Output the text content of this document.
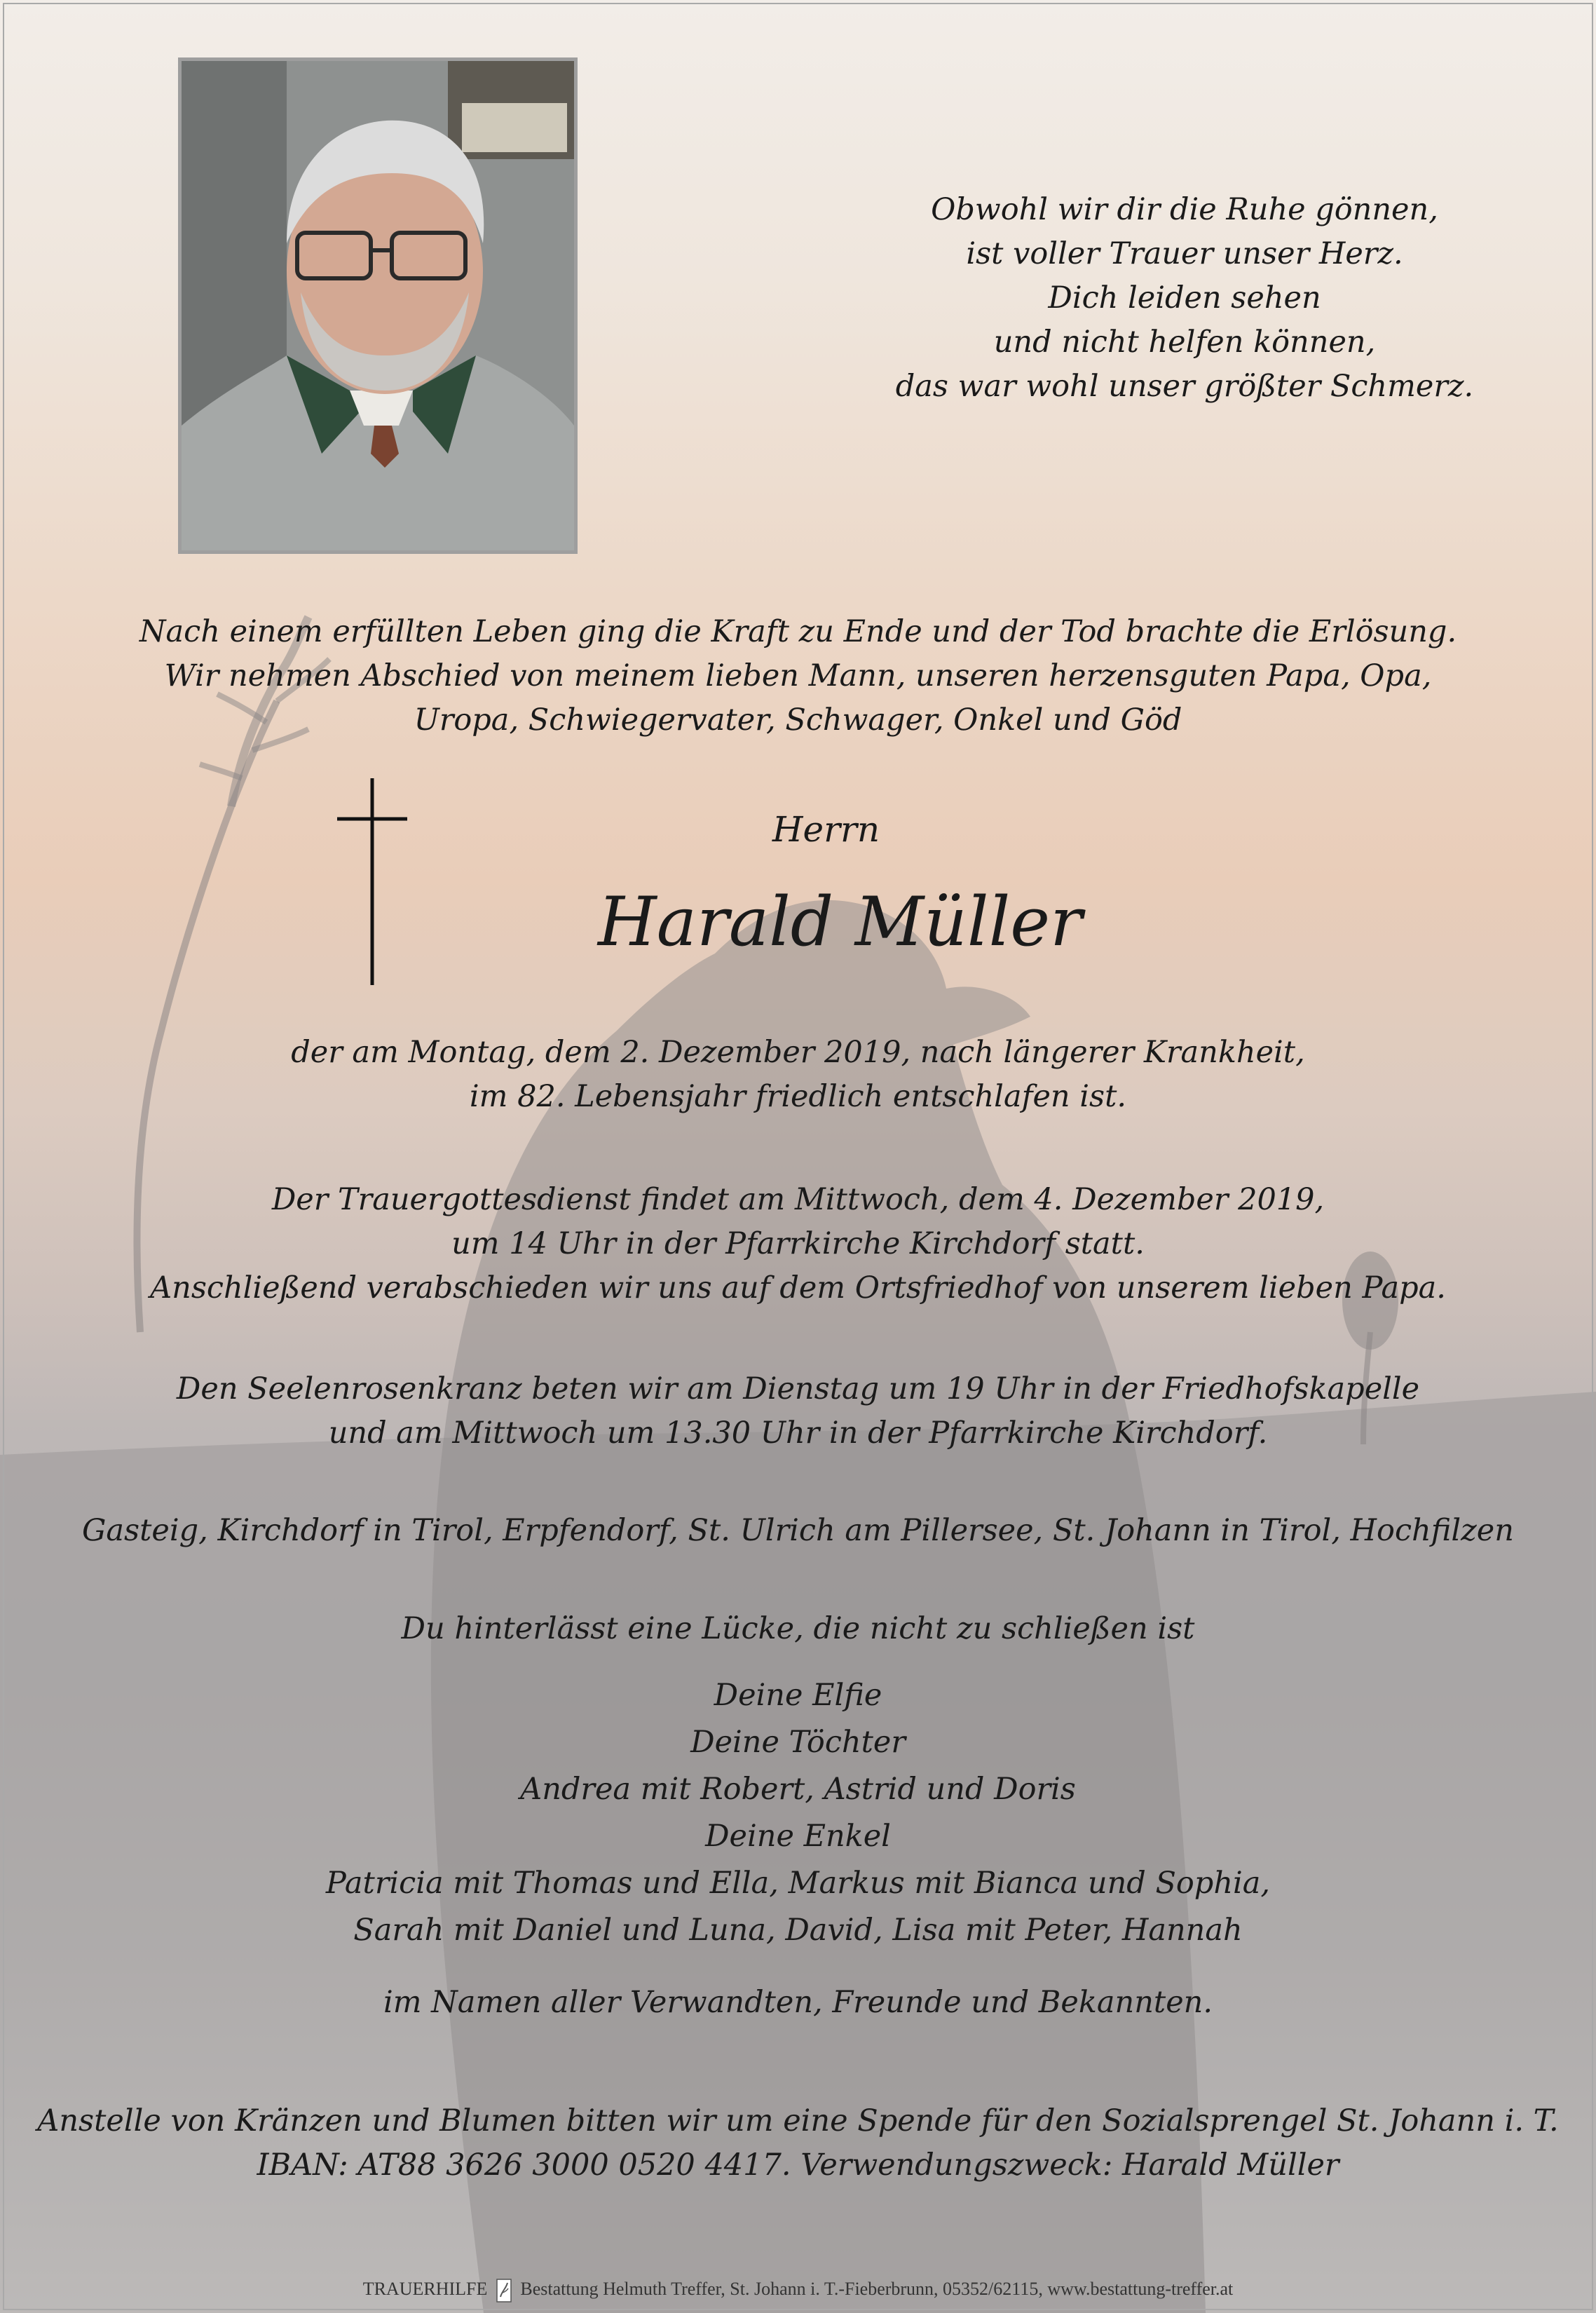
Obwohl wir dir die Ruhe gönnen,
ist voller Trauer unser Herz.
Dich leiden sehen
und nicht helfen können,
das war wohl unser größter Schmerz.
Nach einem erfüllten Leben ging die Kraft zu Ende und der Tod brachte die Erlösung.
Wir nehmen Abschied von meinem lieben Mann, unseren herzensguten Papa, Opa,
Uropa, Schwiegervater, Schwager, Onkel und Göd
Herrn
Harald Müller
der am Montag, dem 2. Dezember 2019, nach längerer Krankheit,
im 82. Lebensjahr friedlich entschlafen ist.
Der Trauergottesdienst findet am Mittwoch, dem 4. Dezember 2019,
um 14 Uhr in der Pfarrkirche Kirchdorf statt.
Anschließend verabschieden wir uns auf dem Ortsfriedhof von unserem lieben Papa.
Den Seelenrosenkranz beten wir am Dienstag um 19 Uhr in der Friedhofskapelle
und am Mittwoch um 13.30 Uhr in der Pfarrkirche Kirchdorf.
Gasteig, Kirchdorf in Tirol, Erpfendorf, St. Ulrich am Pillersee, St. Johann in Tirol, Hochfilzen
Du hinterlässt eine Lücke, die nicht zu schließen ist
Deine Elfie
Deine Töchter
Andrea mit Robert, Astrid und Doris
Deine Enkel
Patricia mit Thomas und Ella, Markus mit Bianca und Sophia,
Sarah mit Daniel und Luna, David, Lisa mit Peter, Hannah
im Namen aller Verwandten, Freunde und Bekannten.
Anstelle von Kränzen und Blumen bitten wir um eine Spende für den Sozialsprengel St. Johann i. T.
IBAN: AT88 3626 3000 0520 4417. Verwendungszweck: Harald Müller
TRAUERHILFE Bestattung Helmuth Treffer, St. Johann i. T.-Fieberbrunn, 05352/62115, www.bestattung-treffer.at
